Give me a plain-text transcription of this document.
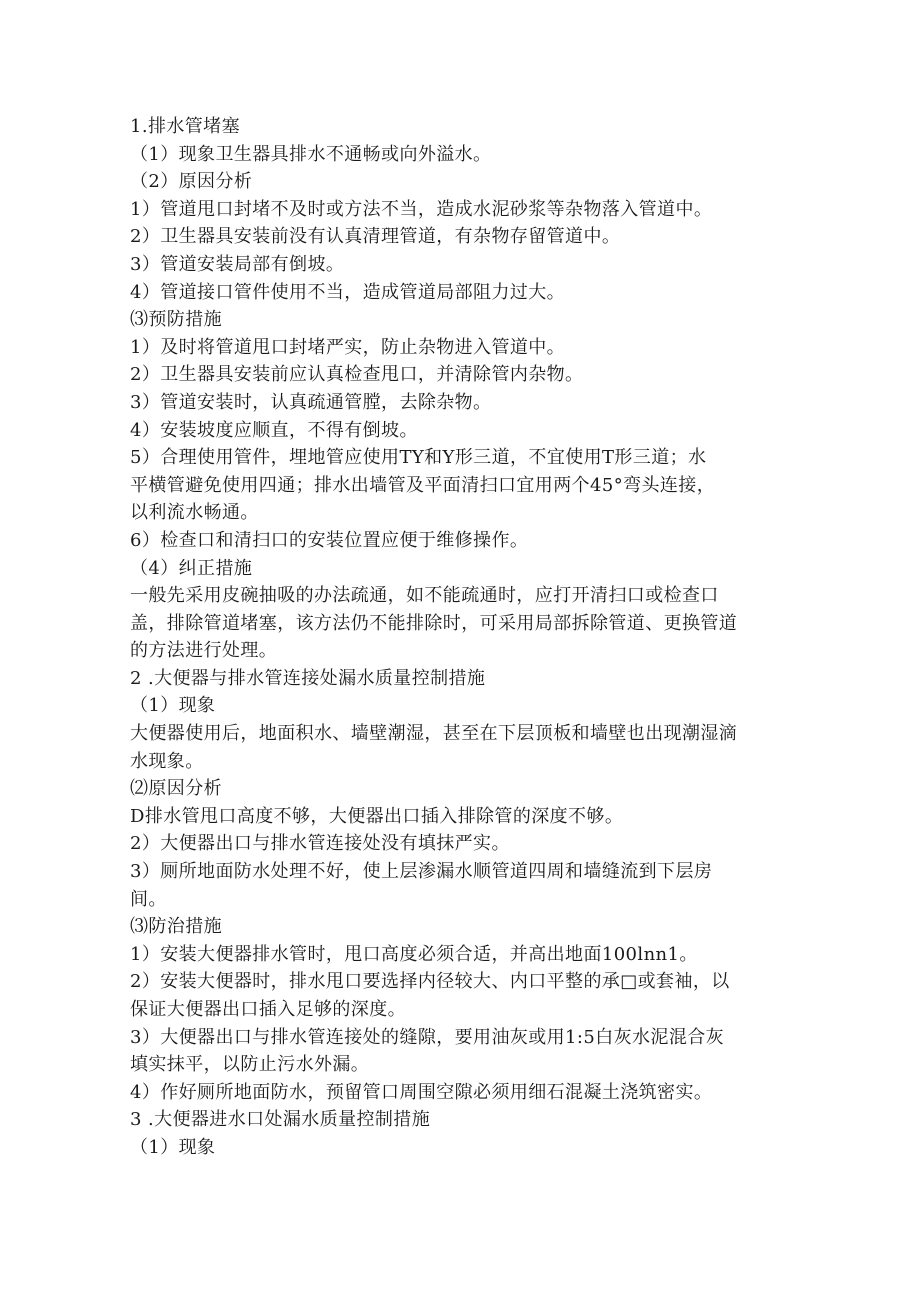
1.排水管堵塞
（1）现象卫生器具排水不通畅或向外溢水。
（2）原因分析
1）管道甩口封堵不及时或方法不当，造成水泥砂浆等杂物落入管道中。
2）卫生器具安装前没有认真清理管道，有杂物存留管道中。
3）管道安装局部有倒坡。
4）管道接口管件使用不当，造成管道局部阻力过大。
⑶预防措施
1）及时将管道甩口封堵严实，防止杂物进入管道中。
2）卫生器具安装前应认真检查甩口，并清除管内杂物。
3）管道安装时，认真疏通管膛，去除杂物。
4）安装坡度应顺直，不得有倒坡。
5）合理使用管件，埋地管应使用TY和Y形三道，不宜使用T形三道；水
平横管避免使用四通；排水出墙管及平面清扫口宜用两个45°弯头连接，
以利流水畅通。
6）检查口和清扫口的安装位置应便于维修操作。
（4）纠正措施
一般先采用皮碗抽吸的办法疏通，如不能疏通时，应打开清扫口或检查口
盖，排除管道堵塞，该方法仍不能排除时，可采用局部拆除管道、更换管道
的方法进行处理。
2 .大便器与排水管连接处漏水质量控制措施
（1）现象
大便器使用后，地面积水、墙壁潮湿，甚至在下层顶板和墙壁也出现潮湿滴
水现象。
⑵原因分析
D排水管甩口高度不够，大便器出口插入排除管的深度不够。
2）大便器出口与排水管连接处没有填抹严实。
3）厕所地面防水处理不好，使上层渗漏水顺管道四周和墙缝流到下层房
间。
⑶防治措施
1）安装大便器排水管时，甩口高度必须合适，并高出地面100lnn1。
2）安装大便器时，排水甩口要选择内径较大、内口平整的承□或套袖，以
保证大便器出口插入足够的深度。
3）大便器出口与排水管连接处的缝隙，要用油灰或用1:5白灰水泥混合灰
填实抹平，以防止污水外漏。
4）作好厕所地面防水，预留管口周围空隙必须用细石混凝土浇筑密实。
3 .大便器进水口处漏水质量控制措施
（1）现象
